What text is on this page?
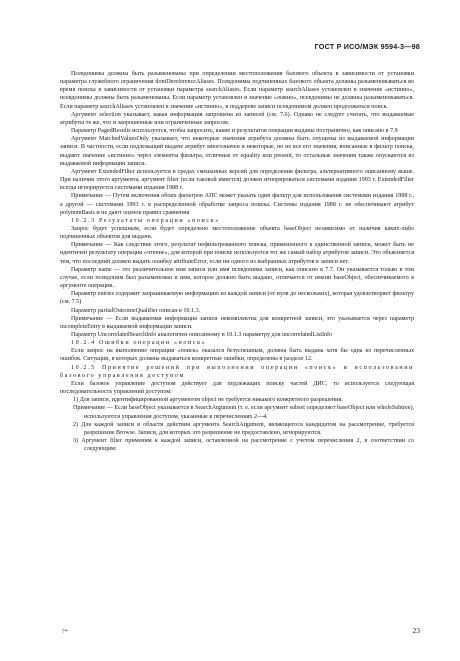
ГОСТ Р ИСО/МЭК 9594-3—98

Псевдонимы должны быть разыменованы при определении местоположения базового объекта в зависимости от установки параметра служебного ограничения dontDereferenceAliases. Псевдонимы подчиненных базового объекта должны разыменовываться во время поиска в зависимости от установки параметра searchAliases. Если параметр searchAliases установлен в значение «истинно», псевдонимы должны быть разыменованы. Если параметр установлен в значение «ложно», псевдонимы не должны разыменовываться. Если параметр searchAliases установлен в значение «истинно», в поддереве записи псевдонимом должен продолжаться поиск.

Аргумент selection указывает, какая информация запрошена из записей (см. 7.6). Однако не следует считать, что выдаваемые атрибуты те же, что и запрошенные или ограниченные запросом.

Параметр PagedResults используется, чтобы запросить, какие и результатов операции выданы постранично, как описано в 7.9

Аргумент MatchedValuesOnly указывает, что некоторые значения атрибута должны быть опущены из выдаваемой информации записи. В частности, если подлежащий выдаче атрибут многозначен и некоторые, но не все его значения, вписанные в фильтр поиска, выдают значение «истинно» через элементы фильтра, отличные от equality или present, то остальные значения также опускаются из выдаваемой информации записи.

Аргумент ExtendedFilter используется в средах смешанных версий для определения фильтра, альтернативного описанному выше. При наличии этого аргумента, аргумент filter (если таковой имеется) должен игнорироваться системами издания 1993 г. ExtendedFilter всегда игнорируется системами издания 1988 г.

Примечание — Путем включения обоих фильтров АПС может указать один фильтр для использования системами издания 1988 г., а другой — системами 1993 г. в распределенной обработке запроса поиска. Системы издания 1988 г. не обеспечивают атрибут polynomBasis и не дают оценок правил сравнения

10.2.3 Результаты операции «поиск»

Запрос будет успешным, если будет определено местоположение объекта baseObject независимо от наличия каких-либо подчиненных объектов для выдачи.

Примечание — Как следствие этого, результат нефильтрованного поиска, примененного к единственной записи, может быть не идентичен результату операции «чтение», для которой при поиске используется тот же самый набор атрибутов записи. Это объясняется тем, что последний должен выдать ошибку attributeError, если ни одного из выбранных атрибутов в записи нет.

Параметр name — это различительное имя записи или имя псевдонима записи, как описано в 7.7. Он указывается только в том случае, если псевдоним был разыменован и имя, которое должно быть выдано, отличается от имени baseObject, обеспечиваемого в аргументе операции.

Параметр entries содержит запрашиваемую информацию из каждой записи (от нуля до нескольких), которая удовлетворяет фильтру (см. 7.5)

Параметр partialOutcomeQualifier описан в 10.1.3.

Примечание — Если выдаваемая информация записи некомплектна для конкретной записи, это указывается через параметр incompleteEntry в выдаваемой информации записи.

Параметр UncorrelatedSearchInfo аналогичен описанному в 10.1.3 параметру для uncorrelatedListInfo

10.2.4 Ошибки операции «поиск»

Если запрос на выполнение операции «поиск» оказался безуспешным, должна быть выдана хотя бы одна из перечисленных ошибок. Ситуации, в которых должны выдаваться конкретные ошибки, определены в разделе 12.

10.2.5 Принятие решений при выполнении операции «поиск» и использовании базового управления доступом

Если базовое управление доступом действует для подлежащих поиску частей ДИС, то используется следующая последовательность управлений доступом:

1) Для записи, идентифицированной аргументом object не требуется никакого конкретного разрешения.

Примечание — Если baseObject указывается в SearchArgument (т. е. если аргумент subset определяет baseObject или wholeSubtree), используются управления доступом, указанные в перечислениях 2—4.

2) Для каждой записи в области действия аргумента SearchArgument, являющегося кандидатом на рассмотрение, требуется разрешение Browse. Записи, для которых это разрешение не предоставлено, игнорируются.

3) Аргумент filter применим к каждой записи, оставленной на рассмотрение с учетом перечисления 2, в соответствии со следующим:

7*	23
